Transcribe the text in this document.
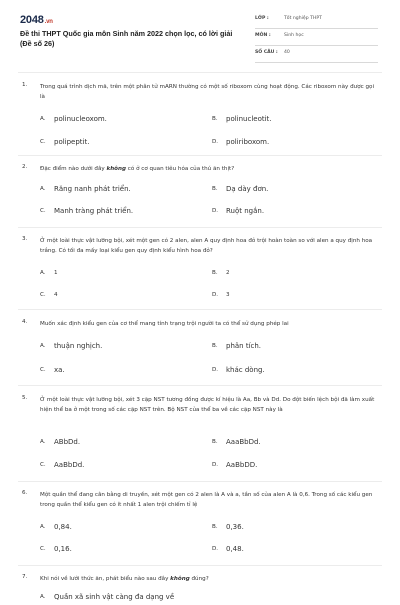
2048.vn
Đề thi THPT Quốc gia môn Sinh năm 2022 chọn lọc, có lời giải (Đề số 26)
LỚP :	Tốt nghiệp THPT
MÔN :	Sinh học
SỐ CÂU : 40
1. Trong quá trình dịch mã, trên một phân tử mARN thường có một số riboxom cùng hoạt động. Các riboxom này được gọi là
A. polinucleoxom.	B. polinucleotit.
C. polipeptit.	D. poliriboxom.
2. Đặc điểm nào dưới đây không có ở cơ quan tiêu hóa của thú ăn thịt?
A. Răng nanh phát triển.	B. Dạ dày đơn.
C. Manh tràng phát triển.	D. Ruột ngắn.
3. Ở một loài thực vật lưỡng bội, xét một gen có 2 alen, alen A quy định hoa đỏ trội hoàn toàn so với alen a quy định hoa trắng. Có tối đa mấy loại kiểu gen quy định kiểu hình hoa đỏ?
A. 1	B. 2
C. 4	D. 3
4. Muốn xác định kiểu gen của cơ thể mang tính trạng trội người ta có thể sử dụng phép lai
A. thuận nghịch.	B. phân tích.
C. xa.	D. khác dòng.
5. Ở một loài thực vật lưỡng bội, xét 3 cặp NST tương đồng được kí hiệu là Aa, Bb và Dd. Do đột biến lệch bội đã làm xuất hiện thể ba ở một trong số các cặp NST trên. Bộ NST của thể ba về các cặp NST này là
A. ABbDd.	B. AaaBbDd.
C. AaBbDd.	D. AaBbDD.
6. Một quần thể đang cân bằng di truyền, xét một gen có 2 alen là A và a, tần số của alen A là 0,6. Trong số các kiểu gen trong quần thể kiểu gen có ít nhất 1 alen trội chiếm tỉ lệ
A. 0,84.	B. 0,36.
C. 0,16.	D. 0,48.
7. Khi nói về lưới thức ăn, phát biểu nào sau đây không đúng?
A. Quần xã sinh vật càng đa dạng về
